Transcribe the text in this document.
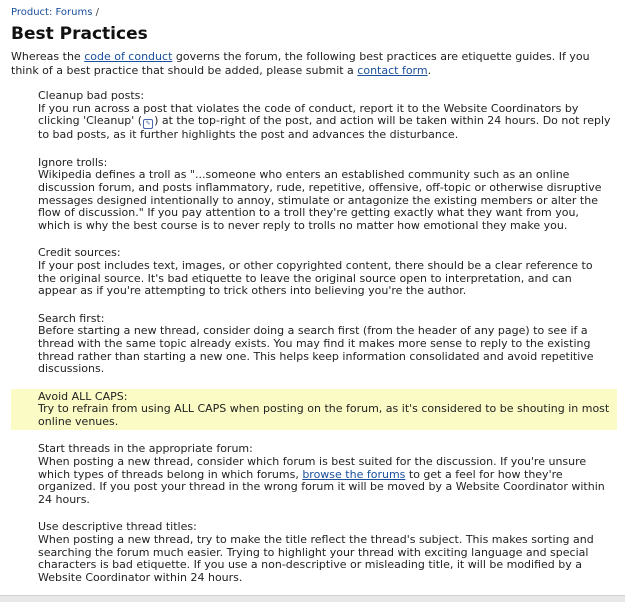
Product: Forums /
Best Practices

Whereas the code of conduct governs the forum, the following best practices are etiquette guides. If you think of a best practice that should be added, please submit a contact form.

Cleanup bad posts:
If you run across a post that violates the code of conduct, report it to the Website Coordinators by clicking 'Cleanup' ( ✎ ) at the top-right of the post, and action will be taken within 24 hours. Do not reply to bad posts, as it further highlights the post and advances the disturbance.
Ignore trolls:
Wikipedia defines a troll as "...someone who enters an established community such as an online discussion forum, and posts inflammatory, rude, repetitive, offensive, off-topic or otherwise disruptive messages designed intentionally to annoy, stimulate or antagonize the existing members or alter the flow of discussion." If you pay attention to a troll they're getting exactly what they want from you, which is why the best course is to never reply to trolls no matter how emotional they make you.
Credit sources:
If your post includes text, images, or other copyrighted content, there should be a clear reference to the original source. It's bad etiquette to leave the original source open to interpretation, and can appear as if you're attempting to trick others into believing you're the author.
Search first:
Before starting a new thread, consider doing a search first (from the header of any page) to see if a thread with the same topic already exists. You may find it makes more sense to reply to the existing thread rather than starting a new one. This helps keep information consolidated and avoid repetitive discussions.
Avoid ALL CAPS:
Try to refrain from using ALL CAPS when posting on the forum, as it's considered to be shouting in most online venues.
Start threads in the appropriate forum:
When posting a new thread, consider which forum is best suited for the discussion. If you're unsure which types of threads belong in which forums, browse the forums to get a feel for how they're organized. If you post your thread in the wrong forum it will be moved by a Website Coordinator within 24 hours.
Use descriptive thread titles:
When posting a new thread, try to make the title reflect the thread's subject. This makes sorting and searching the forum much easier. Trying to highlight your thread with exciting language and special characters is bad etiquette. If you use a non-descriptive or misleading title, it will be modified by a Website Coordinator within 24 hours.
